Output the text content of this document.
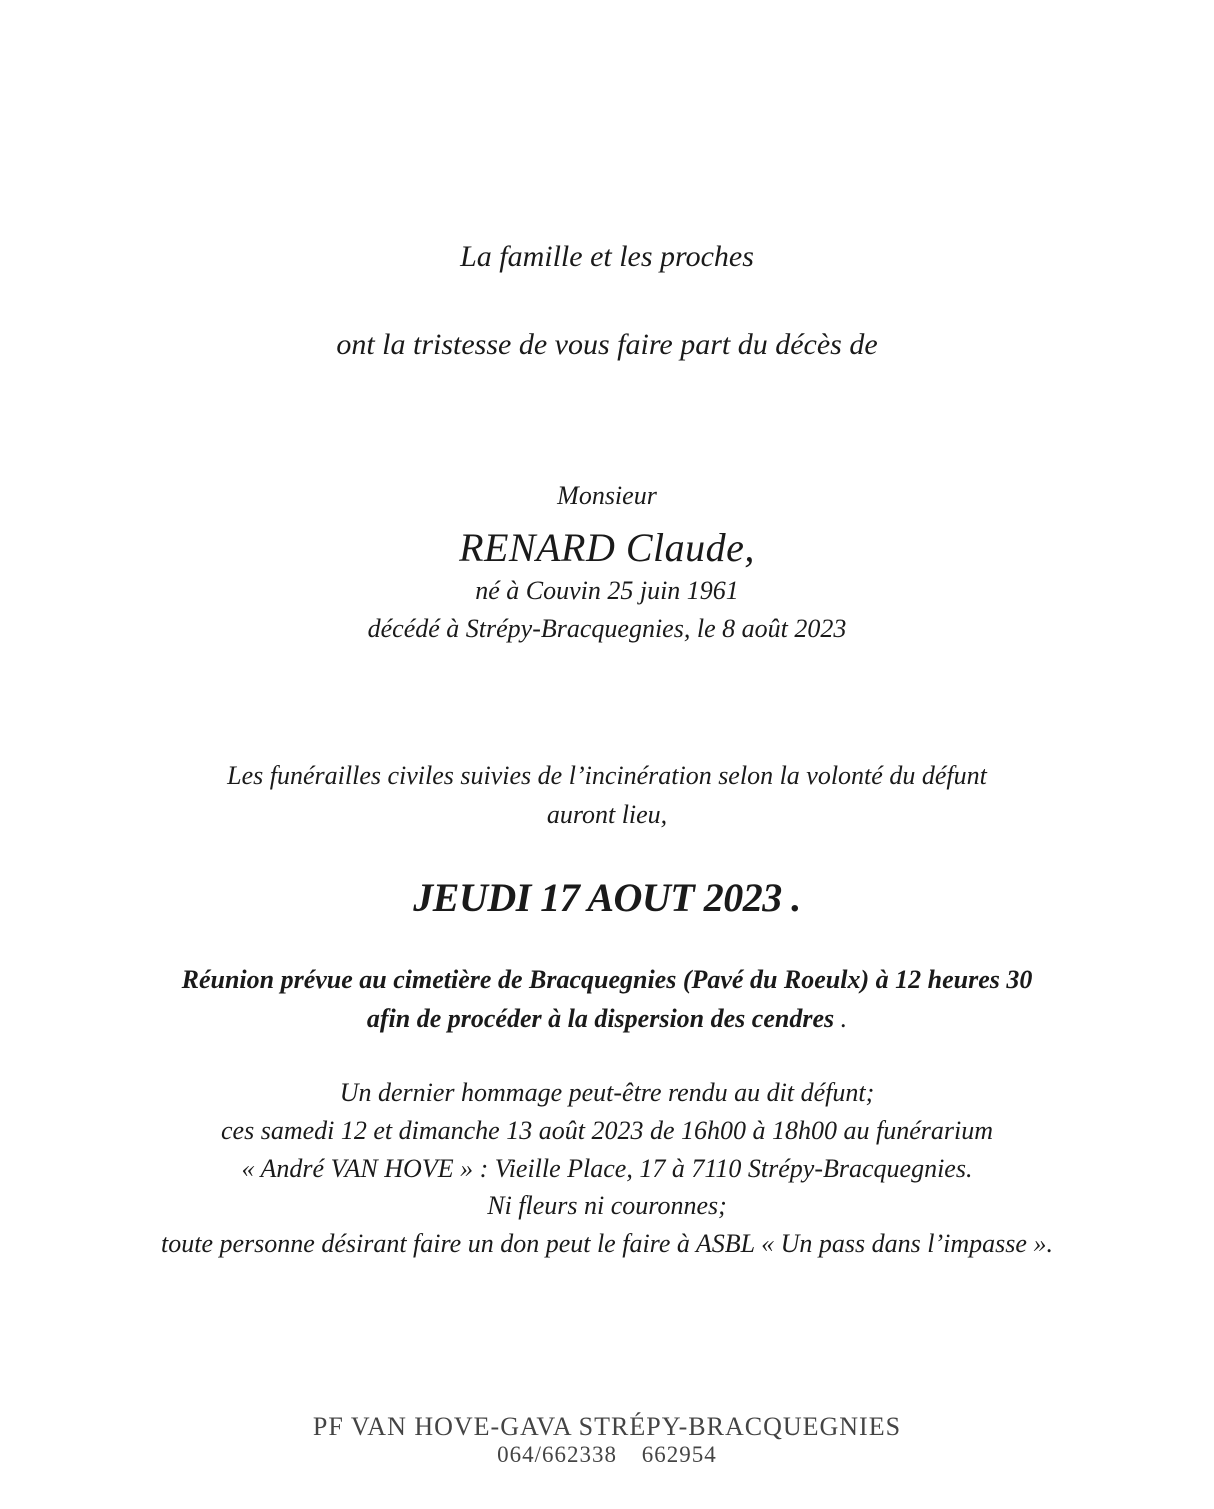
La famille et les proches
ont la tristesse de vous faire part du décès de
Monsieur
RENARD Claude,
né à Couvin 25 juin 1961
décédé à Strépy-Bracquegnies, le 8 août 2023
Les funérailles civiles suivies de l’incinération selon la volonté du défunt
auront lieu,
JEUDI 17 AOUT 2023 .
Réunion prévue au cimetière de Bracquegnies (Pavé du Roeulx) à 12 heures 30
afin de procéder à la dispersion des cendres .
Un dernier hommage peut-être rendu au dit défunt;
ces samedi 12 et dimanche 13 août 2023 de 16h00 à 18h00 au funérarium
« André VAN HOVE » : Vieille Place, 17 à 7110 Strépy-Bracquegnies.
Ni fleurs ni couronnes;
toute personne désirant faire un don peut le faire à ASBL « Un pass dans l’impasse ».
PF VAN HOVE-GAVA STRÉPY-BRACQUEGNIES
064/662338 662954
